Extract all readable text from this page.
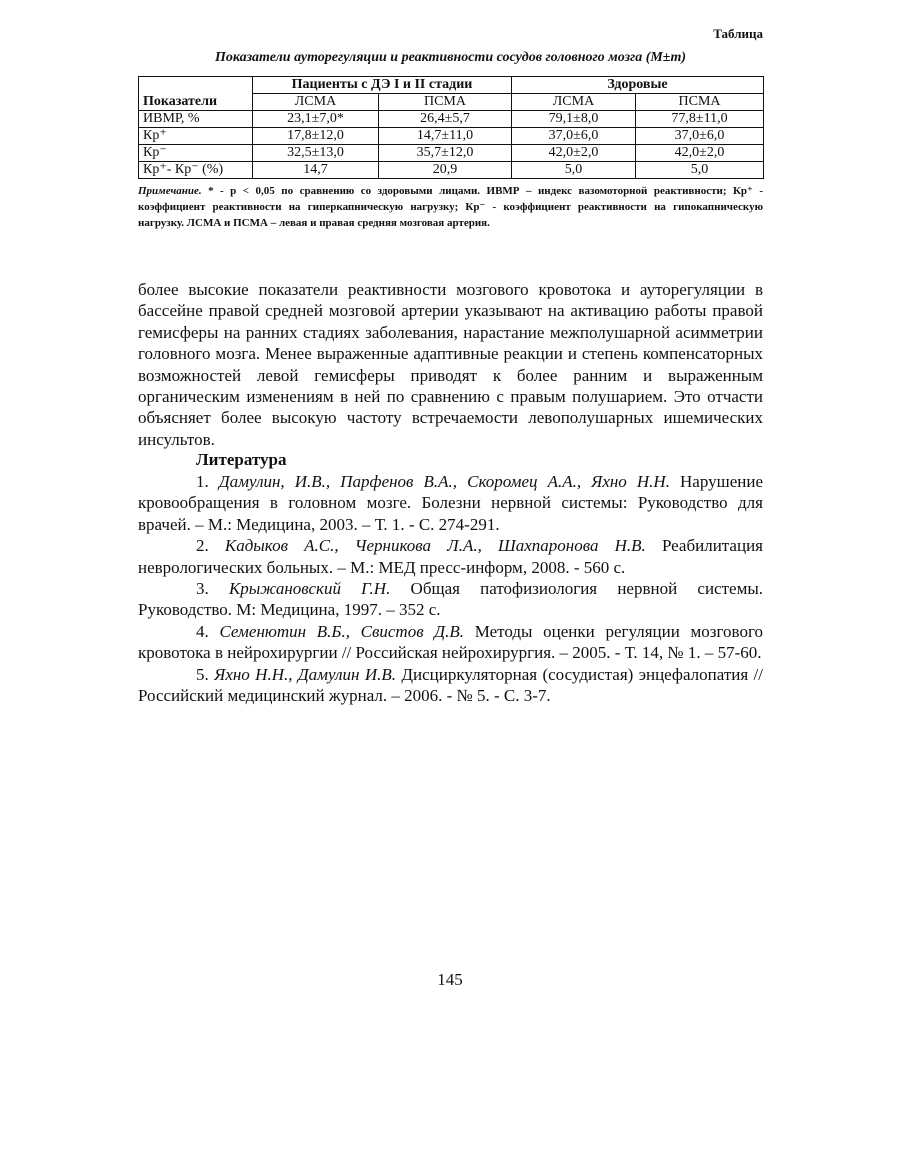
Таблица
Показатели ауторегуляции и реактивности сосудов головного мозга (М±m)
Показатели	Пациенты с ДЭ I и II стадии		Здоровые	
	ЛСМА	ПСМА	ЛСМА	ПСМА
ИВМР, %	23,1±7,0*	26,4±5,7	79,1±8,0	77,8±11,0
Кр⁺	17,8±12,0	14,7±11,0	37,0±6,0	37,0±6,0
Кр⁻	32,5±13,0	35,7±12,0	42,0±2,0	42,0±2,0
Кр⁺- Кр⁻ (%)	14,7	20,9	5,0	5,0
Примечание. * - р < 0,05 по сравнению со здоровыми лицами. ИВМР – индекс вазомоторной реактивности; Кр⁺ - коэффициент реактивности на гиперкапническую нагрузку; Кр⁻ - коэффициент реактивности на гипокапническую нагрузку. ЛСМА и ПСМА – левая и правая средняя мозговая артерия.

более высокие показатели реактивности мозгового кровотока и ауторегуляции в бассейне правой средней мозговой артерии указывают на активацию работы правой гемисферы на ранних стадиях заболевания, нарастание межполушарной асимметрии головного мозга. Менее выраженные адаптивные реакции и степень компенсаторных возможностей левой гемисферы приводят к более ранним и выраженным органическим изменениям в ней по сравнению с правым полушарием. Это отчасти объясняет более высокую частоту встречаемости левополушарных ишемических инсультов.

Литература

1. Дамулин, И.В., Парфенов В.А., Скоромец А.А., Яхно Н.Н. Нарушение кровообращения в головном мозге. Болезни нервной системы: Руководство для врачей. – М.: Медицина, 2003. – Т. 1. - С. 274-291.

2. Кадыков А.С., Черникова Л.А., Шахпаронова Н.В. Реабилитация неврологических больных. – М.: МЕД пресс-информ, 2008. - 560 с.

3. Крыжановский Г.Н. Общая патофизиология нервной системы. Руководство. М: Медицина, 1997. – 352 с.

4. Семенютин В.Б., Свистов Д.В. Методы оценки регуляции мозгового кровотока в нейрохирургии // Российская нейрохирургия. – 2005. - Т. 14, № 1. – 57-60.

5. Яхно Н.Н., Дамулин И.В. Дисциркуляторная (сосудистая) энцефалопатия // Российский медицинский журнал. – 2006. - № 5. - С. 3-7.

145
